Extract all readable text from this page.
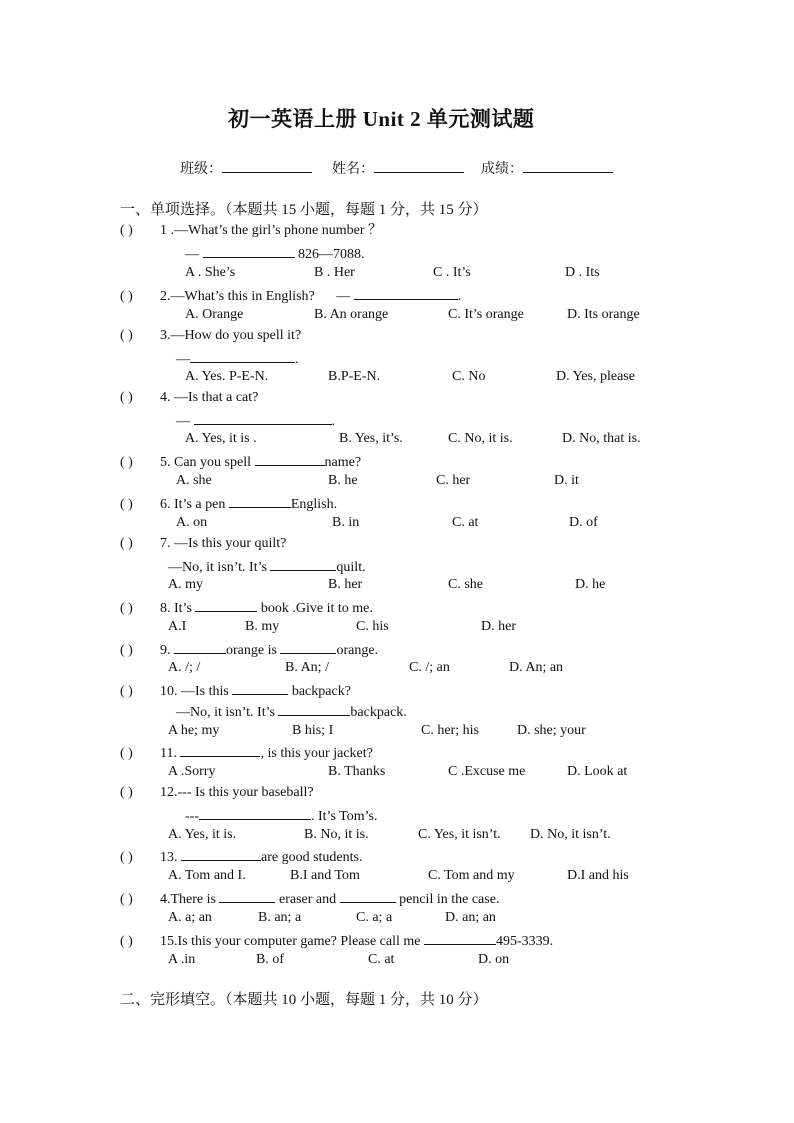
初一英语上册 Unit 2 单元测试题
班级：	姓名：	成绩：
一、单项选择。（本题共 15 小题，每题 1 分，共 15 分）
( ) 1 .—What’s the girl’s phone number ？
—	826—7088.
A . She’s	B . Her	C . It’s	D . Its
( ) 2.—What’s this in English? —	.
A. Orange	B. An orange	C. It’s orange	D. Its orange
( ) 3.—How do you spell it?
—	.
A. Yes. P-E-N.	B.P-E-N.	C. No	D. Yes, please
( ) 4. —Is that a cat?
—	.
A. Yes, it is .	B. Yes, it’s.	C. No, it is.	D. No, that is.
( ) 5. Can you spell	name?
A. she	B. he	C. her	D. it
( ) 6. It’s a pen	English.
A. on	B. in	C. at	D. of
( ) 7. —Is this your quilt?
—No, it isn’t. It’s	quilt.
A. my	B. her	C. she	D. he
( ) 8. It’s	book .Give it to me.
A.I	B. my	C. his	D. her
( ) 9.	orange is	orange.
A. /; /	B. An; /	C. /; an	D. An; an
( ) 10. —Is this	backpack?
—No, it isn’t. It’s	backpack.
A he; my	B his; I	C. her; his	D. she; your
( ) 11.	, is this your jacket?
A .Sorry	B. Thanks	C .Excuse me	D. Look at
( ) 12.--- Is this your baseball?
---	. It’s Tom’s.
A. Yes, it is.	B. No, it is.	C. Yes, it isn’t. D. No, it isn’t.
( ) 13.	are good students.
A. Tom and I.	B.I and Tom	C. Tom and my	D.I and his
( ) 4.There is	eraser and	pencil in the case.
A. a; an	B. an; a	C. a; a	D. an; an
( ) 15.Is this your computer game? Please call me	495-3339.
A .in	B. of	C. at	D. on
二、完形填空。（本题共 10 小题，每题 1 分，共 10 分）
